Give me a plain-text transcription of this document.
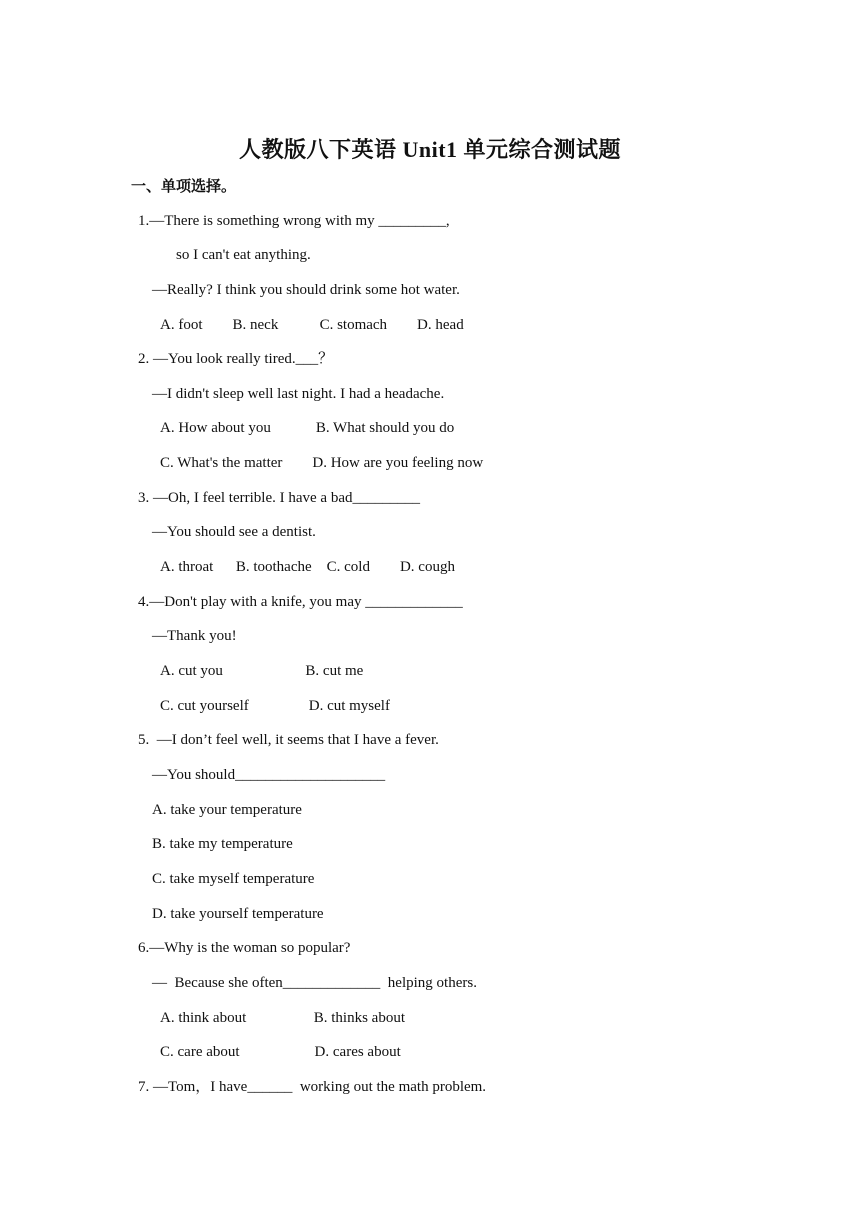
人教版八下英语 Unit1 单元综合测试题
一、单项选择。
1.—There is something wrong with my _________,
so I can't eat anything.
—Really? I think you should drink some hot water.
A. foot        B. neck           C. stomach        D. head
2. —You look really tired.___？
—I didn't sleep well last night. I had a headache.
A. How about you            B. What should you do
C. What's the matter        D. How are you feeling now
3. —Oh, I feel terrible. I have a bad_________
—You should see a dentist.
A. throat      B. toothache    C. cold        D. cough
4.—Don't play with a knife, you may _____________
—Thank you!
A. cut you                      B. cut me
C. cut yourself                D. cut myself
5.  —I don’t feel well, it seems that I have a fever.
—You should____________________
A. take your temperature
B. take my temperature
C. take myself temperature
D. take yourself temperature
6.—Why is the woman so popular?
—  Because she often_____________  helping others.
A. think about                  B. thinks about
C. care about                    D. cares about
7. —Tom，I have______  working out the math problem.
